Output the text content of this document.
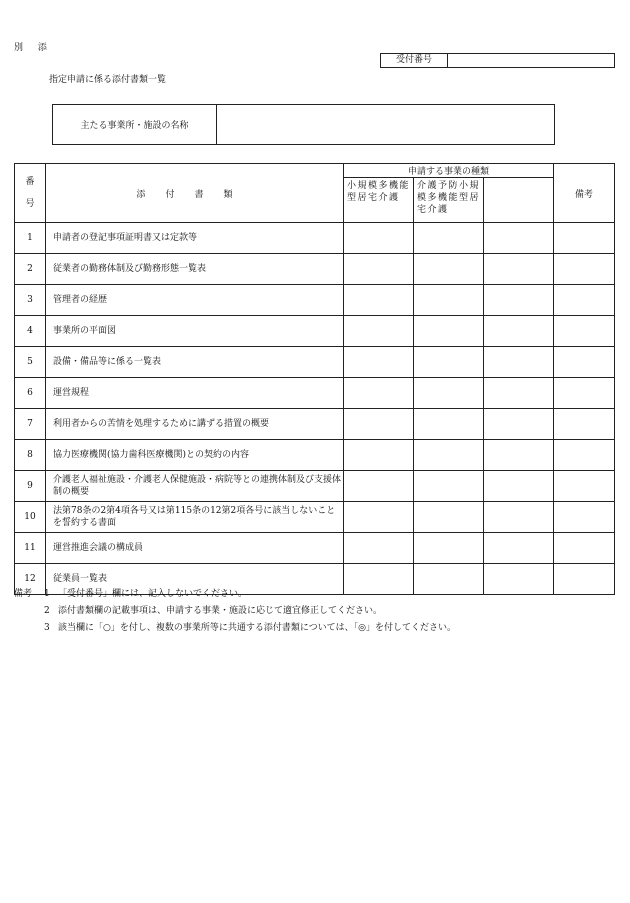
別 添
受付番号
指定申請に係る添付書類一覧
主たる事業所・施設の名称
番
号	添付書類	申請する事業の種類			備考
		小規模多機能型居宅介護	介護予防小規模多機能型居宅介護		
1	申請者の登記事項証明書又は定款等				
2	従業者の勤務体制及び勤務形態一覧表				
3	管理者の経歴				
4	事業所の平面図				
5	設備・備品等に係る一覧表				
6	運営規程				
7	利用者からの苦情を処理するために講ずる措置の概要				
8	協力医療機関(協力歯科医療機関)との契約の内容				
9	介護老人福祉施設・介護老人保健施設・病院等との連携体制及び支援体制の概要				
10	法第78条の2第4項各号又は第115条の12第2項各号に該当しないことを誓約する書面				
11	運営推進会議の構成員				
12	従業員一覧表				
備考 1 「受付番号」欄には、記入しないでください。
2 添付書類欄の記載事項は、申請する事業・施設に応じて適宜修正してください。
3 該当欄に「○」を付し、複数の事業所等に共通する添付書類については、「◎」を付してください。
